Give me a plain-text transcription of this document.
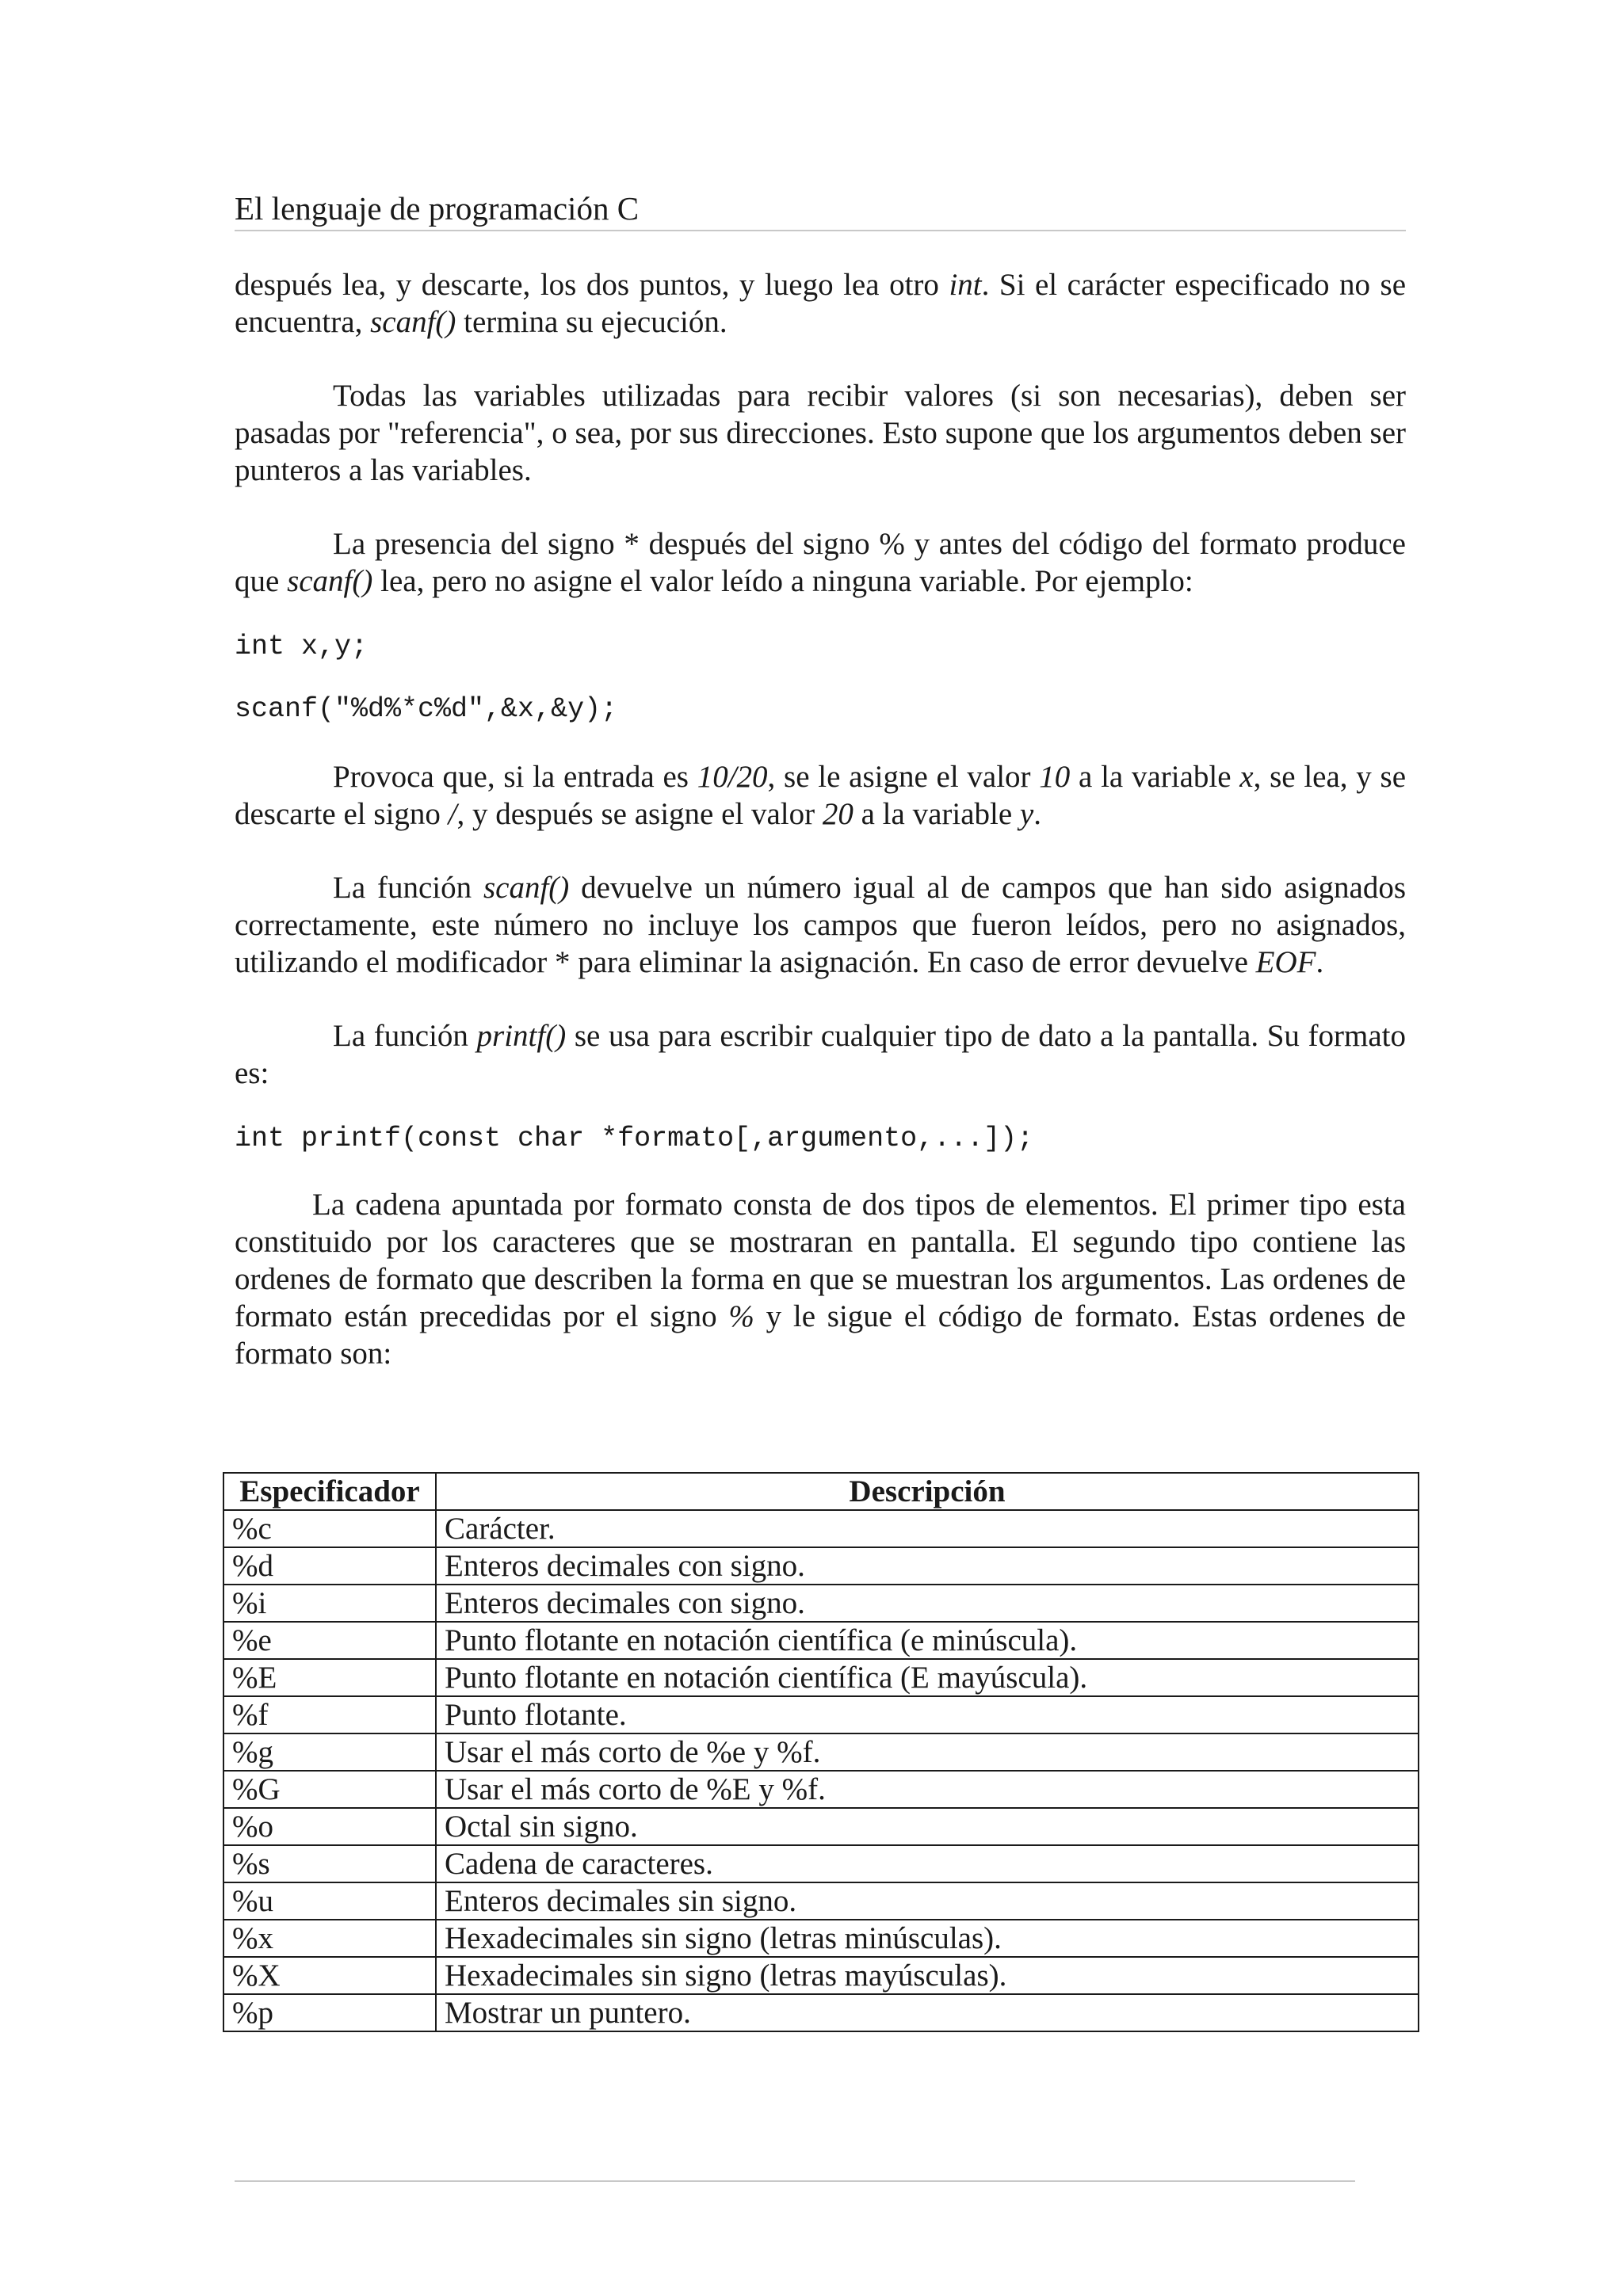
El lenguaje de programación C

después lea, y descarte, los dos puntos, y luego lea otro int. Si el carácter especificado no se encuentra, scanf() termina su ejecución.

Todas las variables utilizadas para recibir valores (si son necesarias), deben ser pasadas por "referencia", o sea, por sus direcciones. Esto supone que los argumentos deben ser punteros a las variables.

La presencia del signo * después del signo % y antes del código del formato produce que scanf() lea, pero no asigne el valor leído a ninguna variable. Por ejemplo:

int x,y;
scanf("%d%*c%d",&x,&y);

Provoca que, si la entrada es 10/20, se le asigne el valor 10 a la variable x, se lea, y se descarte el signo /, y después se asigne el valor 20 a la variable y.

La función scanf() devuelve un número igual al de campos que han sido asignados correctamente, este número no incluye los campos que fueron leídos, pero no asignados, utilizando el modificador * para eliminar la asignación. En caso de error devuelve EOF.

La función printf() se usa para escribir cualquier tipo de dato a la pantalla. Su formato es:

int printf(const char *formato[,argumento,...]);

La cadena apuntada por formato consta de dos tipos de elementos. El primer tipo esta constituido por los caracteres que se mostraran en pantalla. El segundo tipo contiene las ordenes de formato que describen la forma en que se muestran los argumentos. Las ordenes de formato están precedidas por el signo % y le sigue el código de formato. Estas ordenes de formato son:

Especificador	Descripción
%c	Carácter.
%d	Enteros decimales con signo.
%i	Enteros decimales con signo.
%e	Punto flotante en notación científica (e minúscula).
%E	Punto flotante en notación científica (E mayúscula).
%f	Punto flotante.
%g	Usar el más corto de %e y %f.
%G	Usar el más corto de %E y %f.
%o	Octal sin signo.
%s	Cadena de caracteres.
%u	Enteros decimales sin signo.
%x	Hexadecimales sin signo (letras minúsculas).
%X	Hexadecimales sin signo (letras mayúsculas).
%p	Mostrar un puntero.
